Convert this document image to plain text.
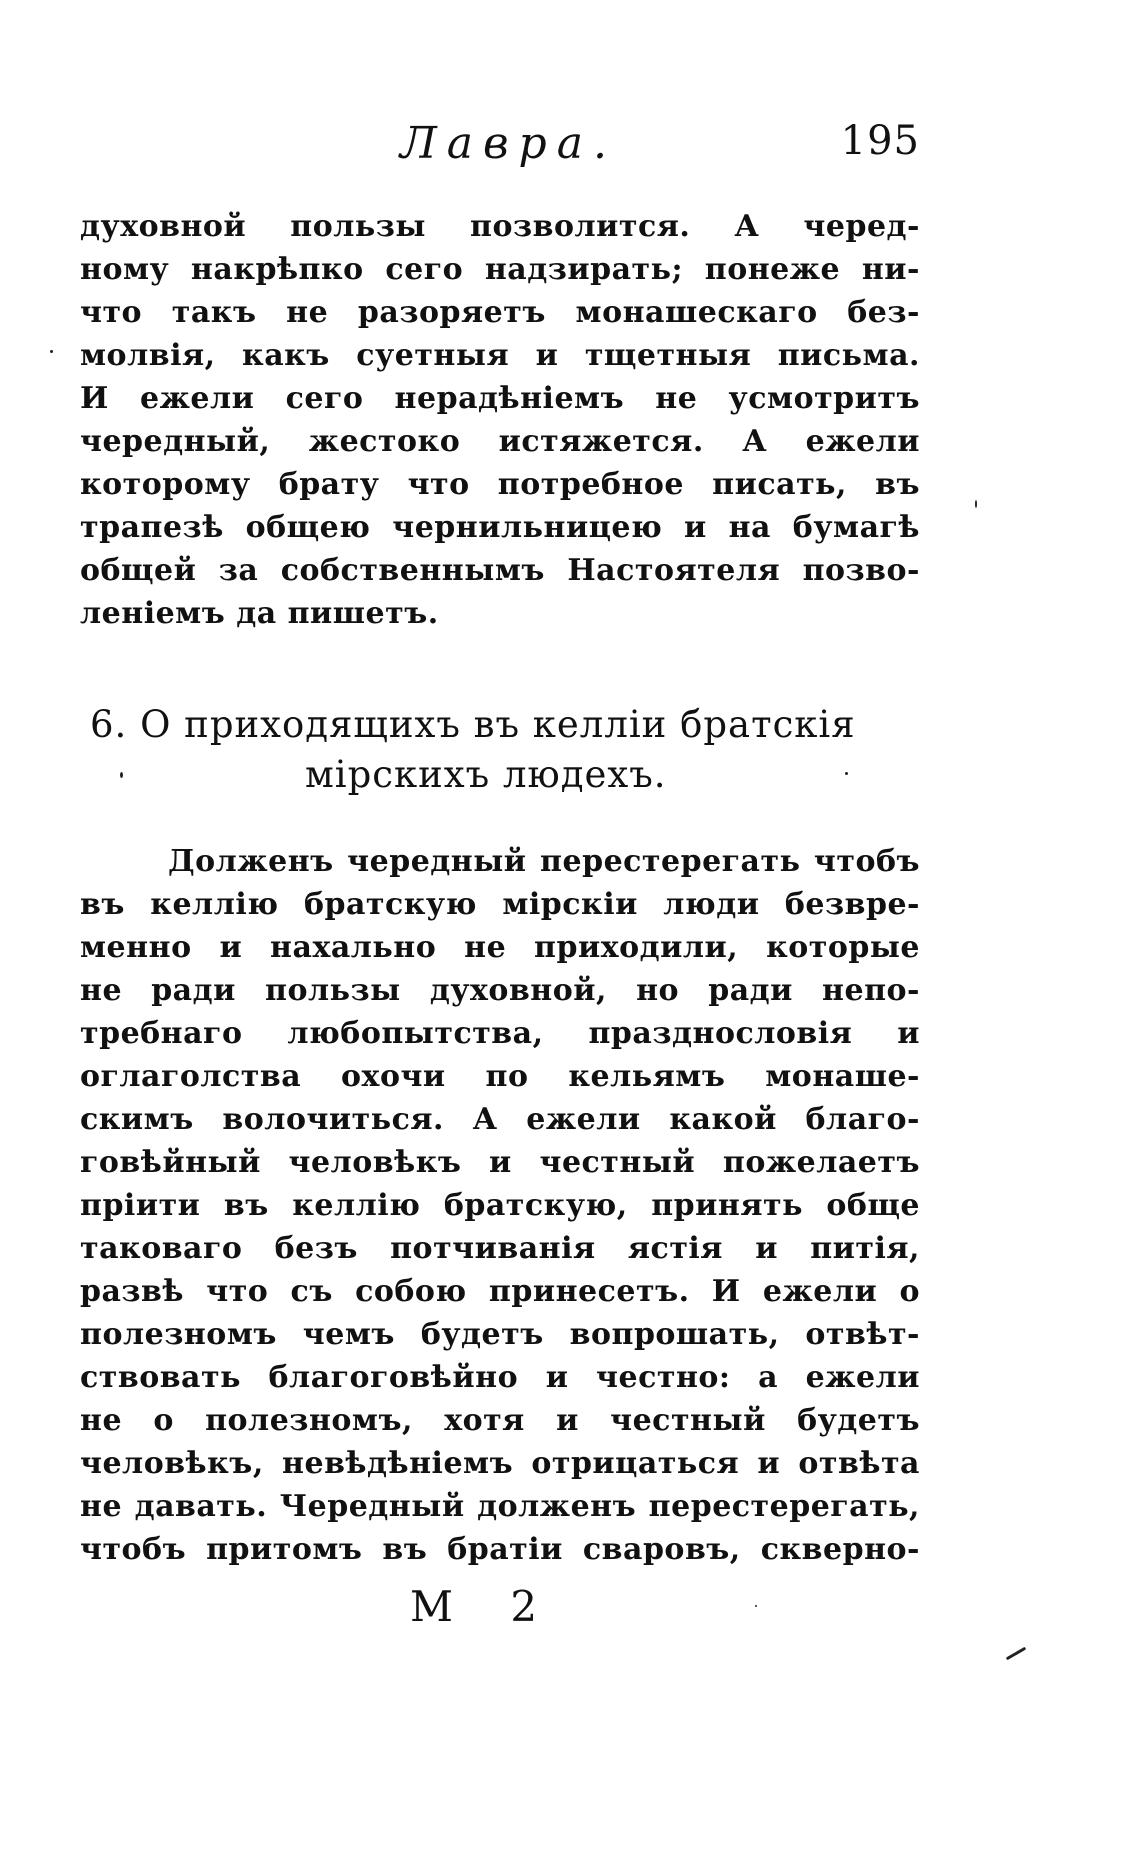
Лавра.	195
духовной пользы позволится. А черед-
ному накрѣпко сего надзирать; понеже ни-
что такъ не разоряетъ монашескаго без-
молвія, какъ суетныя и тщетныя письма.
И ежели сего нерадѣніемъ не усмотритъ
чередный, жестоко истяжется. А ежели
которому брату что потребное писать, въ
трапезѣ общею чернильницею и на бумагѣ
общей за собственнымъ Настоятеля позво-
леніемъ да пишетъ.
6. О приходящихъ въ келліи братскія
мірскихъ людехъ.
Долженъ чередный перестерегать чтобъ
въ келлію братскую мірскіи люди безвре-
менно и нахально не приходили, которые
не ради пользы духовной, но ради непо-
требнаго любопытства, празднословія и
оглаголства охочи по кельямъ монаше-
скимъ волочиться. А ежели какой благо-
говѣйный человѣкъ и честный пожелаетъ
пріити въ келлію братскую, принять обще
таковаго безъ потчиванія ястія и питія,
развѣ что съ собою принесетъ. И ежели о
полезномъ чемъ будетъ вопрошать, отвѣт-
ствовать благоговѣйно и честно: а ежели
не о полезномъ, хотя и честный будетъ
человѣкъ, невѣдѣніемъ отрицаться и отвѣта
не давать. Чередный долженъ перестерегать,
чтобъ притомъ въ братіи сваровъ, скверно-
М 2
